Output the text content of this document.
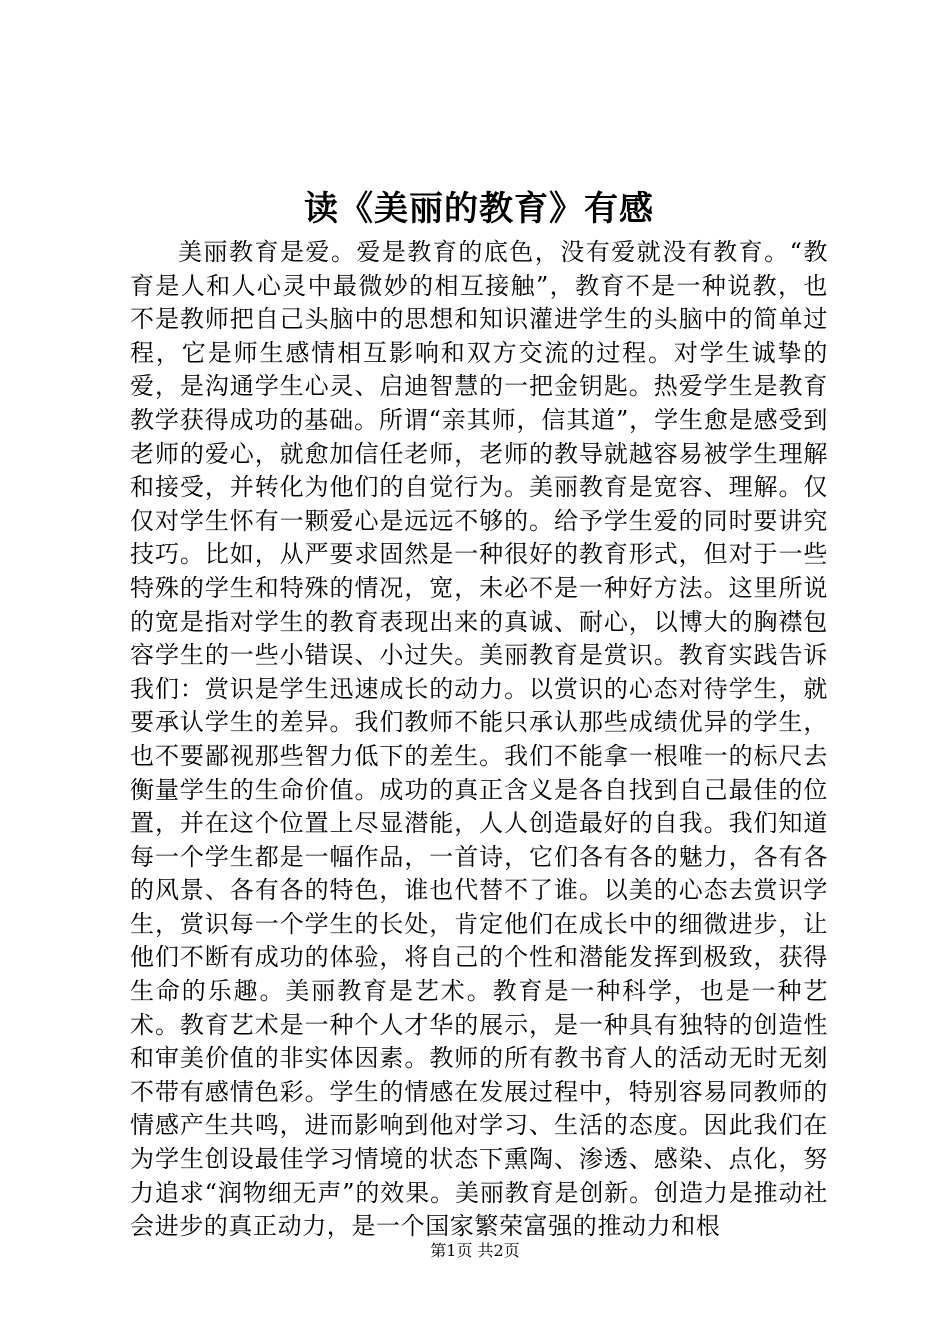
读《美丽的教育》有感

美丽教育是爱。爱是教育的底色，没有爱就没有教育。“教育是人和人心灵中最微妙的相互接触”，教育不是一种说教，也不是教师把自己头脑中的思想和知识灌进学生的头脑中的简单过程，它是师生感情相互影响和双方交流的过程。对学生诚挚的爱，是沟通学生心灵、启迪智慧的一把金钥匙。热爱学生是教育教学获得成功的基础。所谓“亲其师，信其道”，学生愈是感受到老师的爱心，就愈加信任老师，老师的教导就越容易被学生理解和接受，并转化为他们的自觉行为。美丽教育是宽容、理解。仅仅对学生怀有一颗爱心是远远不够的。给予学生爱的同时要讲究技巧。比如，从严要求固然是一种很好的教育形式，但对于一些特殊的学生和特殊的情况，宽，未必不是一种好方法。这里所说的宽是指对学生的教育表现出来的真诚、耐心，以博大的胸襟包容学生的一些小错误、小过失。美丽教育是赏识。教育实践告诉我们：赏识是学生迅速成长的动力。以赏识的心态对待学生，就要承认学生的差异。我们教师不能只承认那些成绩优异的学生，也不要鄙视那些智力低下的差生。我们不能拿一根唯一的标尺去衡量学生的生命价值。成功的真正含义是各自找到自己最佳的位置，并在这个位置上尽显潜能，人人创造最好的自我。我们知道每一个学生都是一幅作品，一首诗，它们各有各的魅力，各有各的风景、各有各的特色，谁也代替不了谁。以美的心态去赏识学生，赏识每一个学生的长处，肯定他们在成长中的细微进步，让他们不断有成功的体验，将自己的个性和潜能发挥到极致，获得生命的乐趣。美丽教育是艺术。教育是一种科学，也是一种艺术。教育艺术是一种个人才华的展示，是一种具有独特的创造性和审美价值的非实体因素。教师的所有教书育人的活动无时无刻不带有感情色彩。学生的情感在发展过程中，特别容易同教师的情感产生共鸣，进而影响到他对学习、生活的态度。因此我们在为学生创设最佳学习情境的状态下熏陶、渗透、感染、点化，努力追求“润物细无声”的效果。美丽教育是创新。创造力是推动社会进步的真正动力，是一个国家繁荣富强的推动力和根

第1页 共2页
